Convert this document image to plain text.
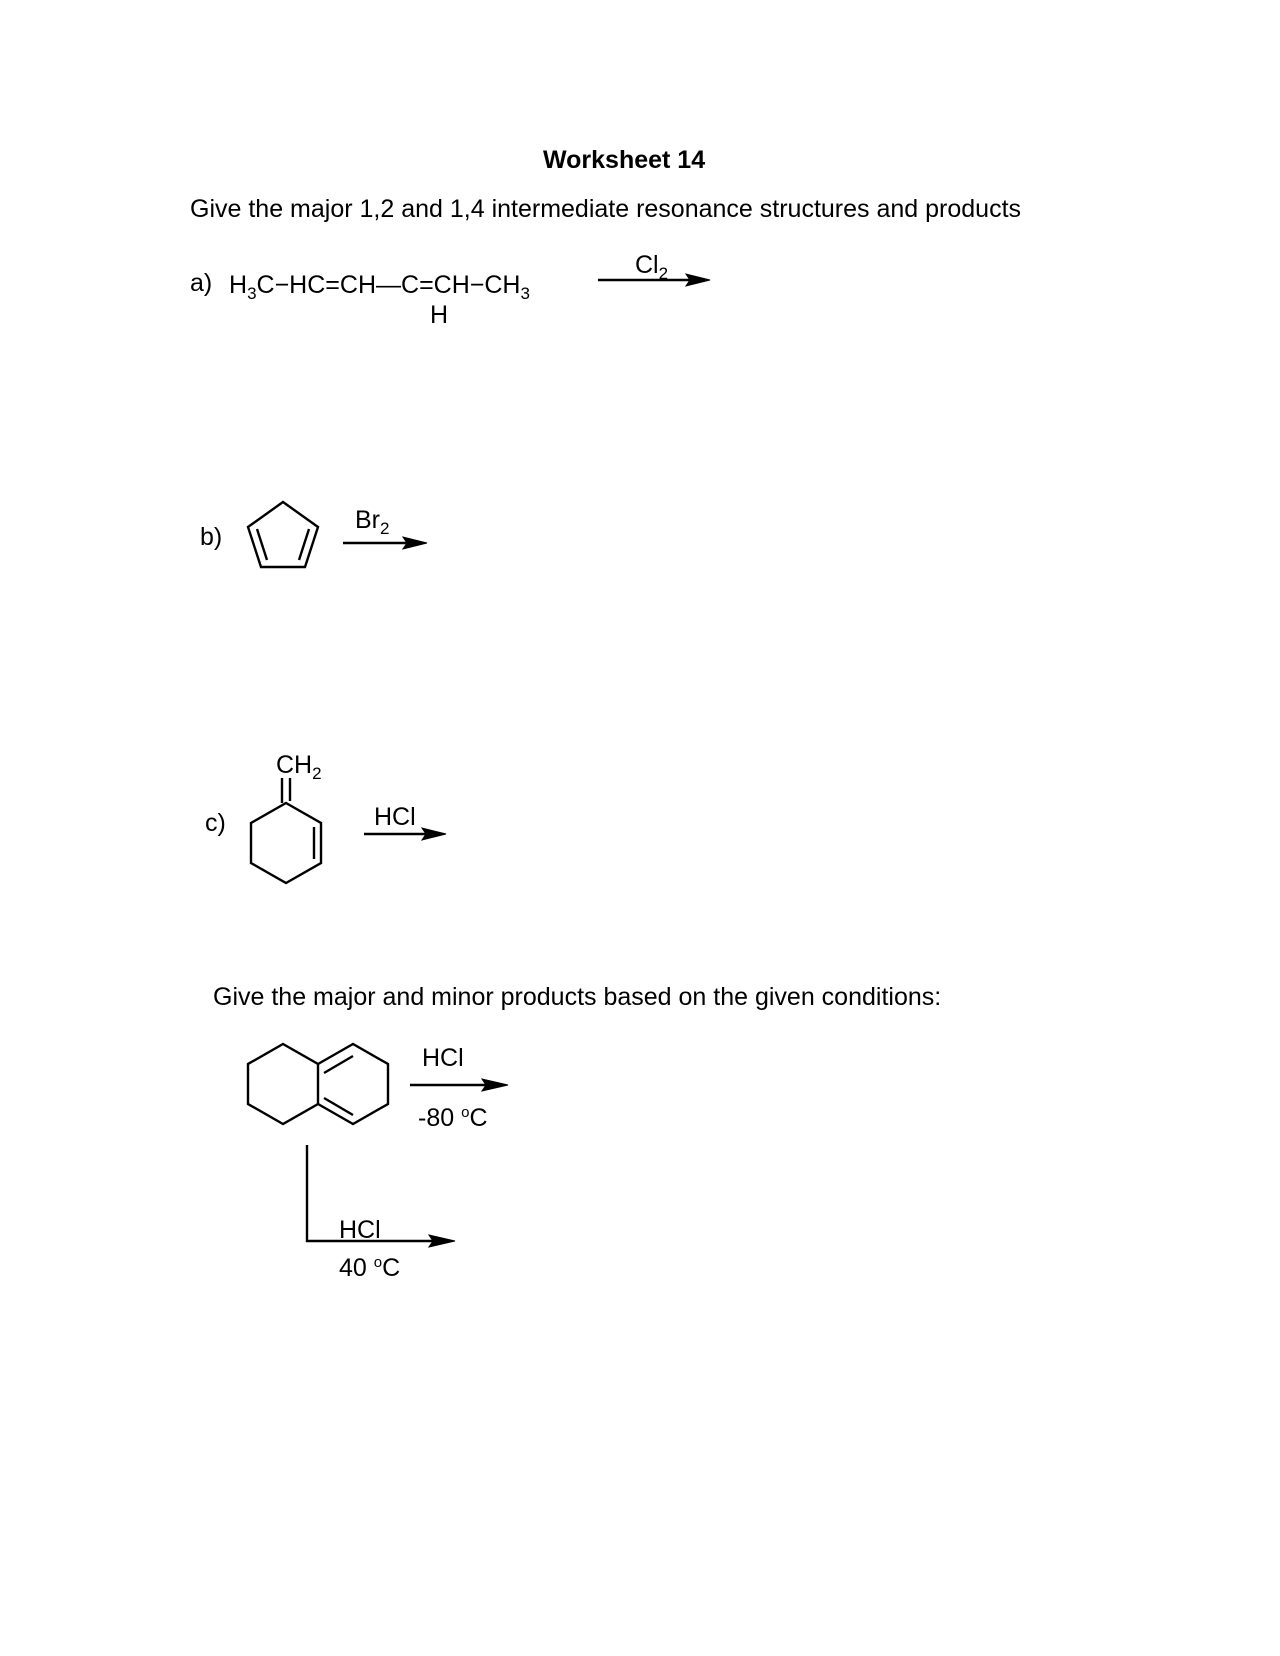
Worksheet 14
Give the major 1,2 and 1,4 intermediate resonance structures and products
a) $H_3C-HC=CH—C=CH-CH_3$
H
$Cl_2$
b)
$Br_2$
c)
$CH_2$
HCl
Give the major and minor products based on the given conditions:
HCl
-80 $^o$C
HCl
40 $^o$C
